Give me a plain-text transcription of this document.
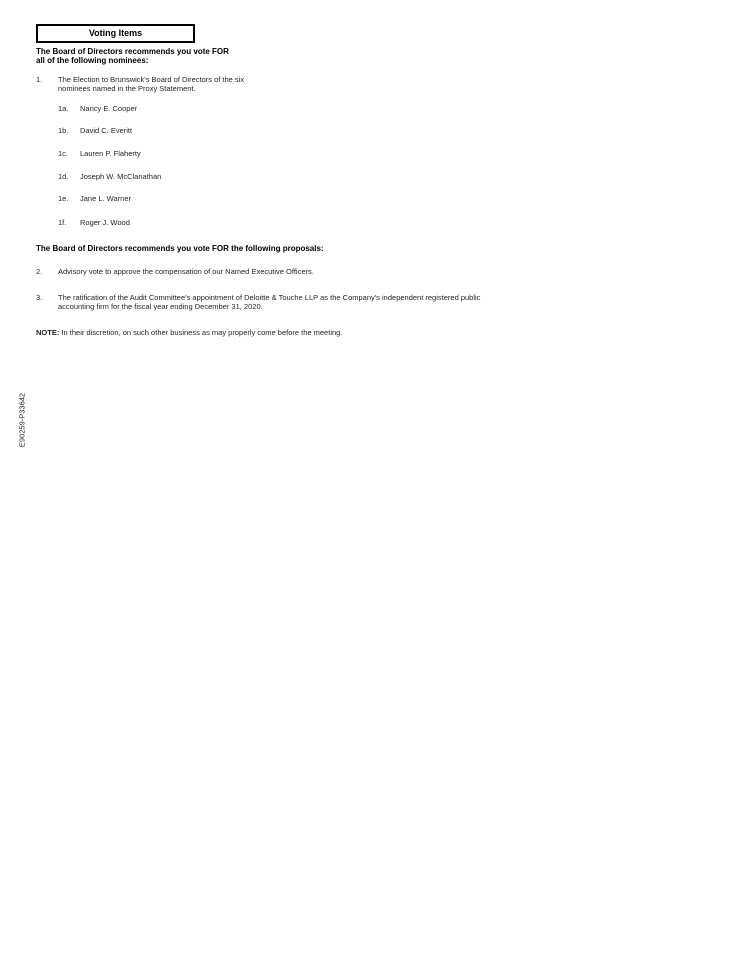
Voting Items
The Board of Directors recommends you vote FOR
all of the following nominees:
1. The Election to Brunswick's Board of Directors of the six
nominees named in the Proxy Statement.
1a. Nancy E. Cooper
1b. David C. Everitt
1c. Lauren P. Flaherty
1d. Joseph W. McClanathan
1e. Jane L. Warner
1f. Roger J. Wood
The Board of Directors recommends you vote FOR the following proposals:
2. Advisory vote to approve the compensation of our Named Executive Officers.
3. The ratification of the Audit Committee's appointment of Deloitte & Touche LLP as the Company's independent registered public
accounting firm for the fiscal year ending December 31, 2020.
NOTE: In their discretion, on such other business as may properly come before the meeting.
E90259-P33642
